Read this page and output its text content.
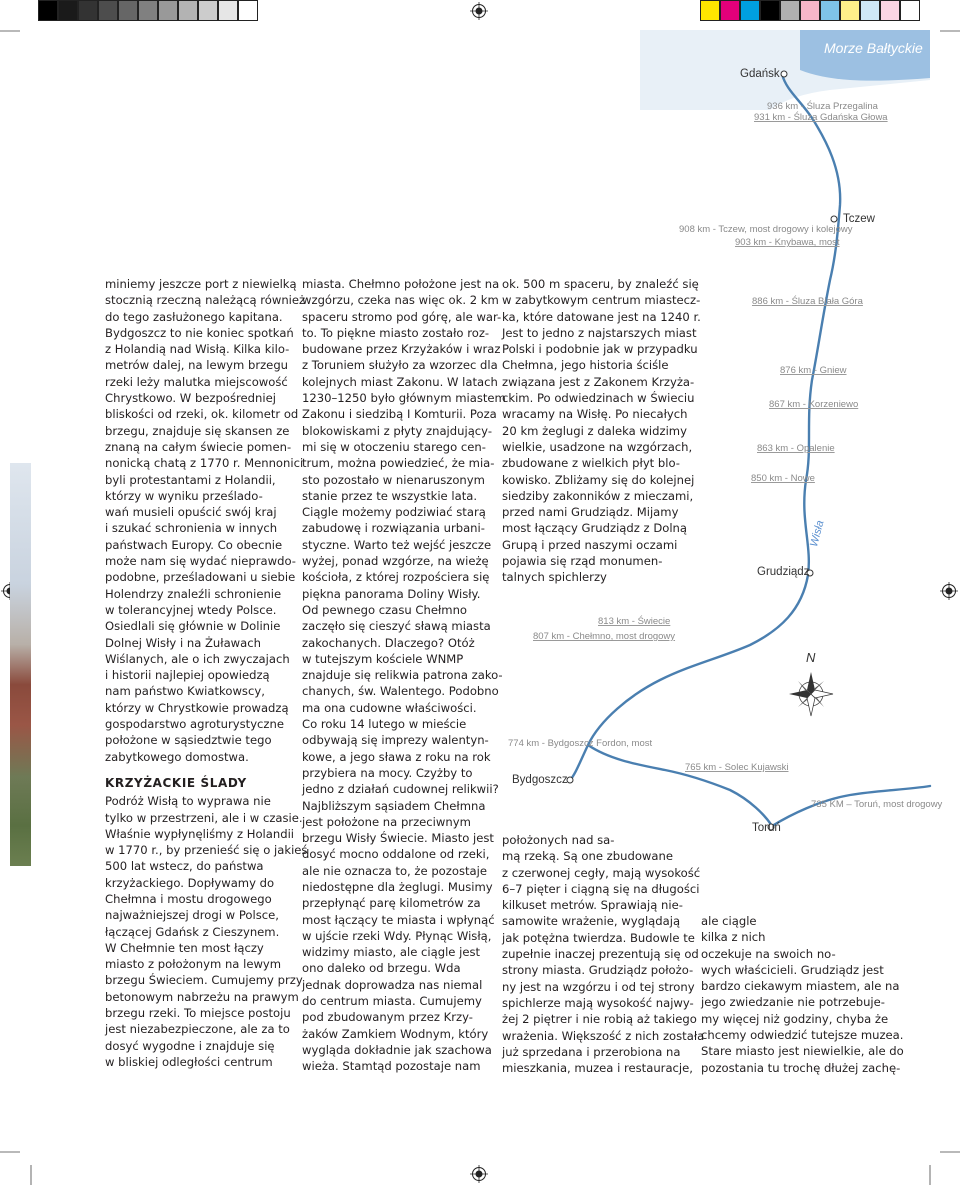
Morze Bałtyckie
Gdańsk
Tczew
Grudziądz
Bydgoszcz
Toruń
Wisła
N
936 km - Śluza Przegalina
931 km - Śluza Gdańska Głowa
908 km - Tczew, most drogowy i kolejowy
903 km - Knybawa, most
886 km - Śluza Biała Góra
876 km - Gniew
867 km - Korzeniewo
863 km - Opalenie
850 km - Nowe
813 km - Świecie
807 km - Chełmno, most drogowy
774 km - Bydgoszcz Fordon, most
765 km - Solec Kujawski
735 KM – Toruń, most drogowy

miniemy jeszcze port z niewielką

stocznią rzeczną należącą również

do tego zasłużonego kapitana.

Bydgoszcz to nie koniec spotkań

z Holandią nad Wisłą. Kilka kilo-

metrów dalej, na lewym brzegu

rzeki leży malutka miejscowość

Chrystkowo. W bezpośredniej

bliskości od rzeki, ok. kilometr od

brzegu, znajduje się skansen ze

znaną na całym świecie pomen-

nonicką chatą z 1770 r. Mennonici

byli protestantami z Holandii,

którzy w wyniku prześlado-

wań musieli opuścić swój kraj

i szukać schronienia w innych

państwach Europy. Co obecnie

może nam się wydać nieprawdo-

podobne, prześladowani u siebie

Holendrzy znaleźli schronienie

w tolerancyjnej wtedy Polsce.

Osiedlali się głównie w Dolinie

Dolnej Wisły i na Żuławach

Wiślanych, ale o ich zwyczajach

i historii najlepiej opowiedzą

nam państwo Kwiatkowscy,

którzy w Chrystkowie prowadzą

gospodarstwo agroturystyczne

położone w sąsiedztwie tego

zabytkowego domostwa.

KRZYŻACKIE ŚLADY

Podróż Wisłą to wyprawa nie

tylko w przestrzeni, ale i w czasie.

Właśnie wypłynęliśmy z Holandii

w 1770 r., by przenieść się o jakieś

500 lat wstecz, do państwa

krzyżackiego. Dopływamy do

Chełmna i mostu drogowego

najważniejszej drogi w Polsce,

łączącej Gdańsk z Cieszynem.

W Chełmnie ten most łączy

miasto z położonym na lewym

brzegu Świeciem. Cumujemy przy

betonowym nabrzeżu na prawym

brzegu rzeki. To miejsce postoju

jest niezabezpieczone, ale za to

dosyć wygodne i znajduje się

w bliskiej odległości centrum

miasta. Chełmno położone jest na

wzgórzu, czeka nas więc ok. 2 km

spaceru stromo pod górę, ale war-

to. To piękne miasto zostało roz-

budowane przez Krzyżaków i wraz

z Toruniem służyło za wzorzec dla

kolejnych miast Zakonu. W latach

1230–1250 było głównym miastem

Zakonu i siedzibą I Komturii. Poza

blokowiskami z płyty znajdujący-

mi się w otoczeniu starego cen-

trum, można powiedzieć, że mia-

sto pozostało w nienaruszonym

stanie przez te wszystkie lata.

Ciągle możemy podziwiać starą

zabudowę i rozwiązania urbani-

styczne. Warto też wejść jeszcze

wyżej, ponad wzgórze, na wieżę

kościoła, z której rozpościera się

piękna panorama Doliny Wisły.

Od pewnego czasu Chełmno

zaczęło się cieszyć sławą miasta

zakochanych. Dlaczego? Otóż

w tutejszym kościele WNMP

znajduje się relikwia patrona zako-

chanych, św. Walentego. Podobno

ma ona cudowne właściwości.

Co roku 14 lutego w mieście

odbywają się imprezy walentyn-

kowe, a jego sława z roku na rok

przybiera na mocy. Czyżby to

jedno z działań cudownej relikwii?

Najbliższym sąsiadem Chełmna

jest położone na przeciwnym

brzegu Wisły Świecie. Miasto jest

dosyć mocno oddalone od rzeki,

ale nie oznacza to, że pozostaje

niedostępne dla żeglugi. Musimy

przepłynąć parę kilometrów za

most łączący te miasta i wpłynąć

w ujście rzeki Wdy. Płynąc Wisłą,

widzimy miasto, ale ciągle jest

ono daleko od brzegu. Wda

jednak doprowadza nas niemal

do centrum miasta. Cumujemy

pod zbudowanym przez Krzy-

żaków Zamkiem Wodnym, który

wygląda dokładnie jak szachowa

wieża. Stamtąd pozostaje nam

ok. 500 m spaceru, by znaleźć się

w zabytkowym centrum miastecz-

ka, które datowane jest na 1240 r.

Jest to jedno z najstarszych miast

Polski i podobnie jak w przypadku

Chełmna, jego historia ściśle

związana jest z Zakonem Krzyża-

ckim. Po odwiedzinach w Świeciu

wracamy na Wisłę. Po niecałych

20 km żeglugi z daleka widzimy

wielkie, usadzone na wzgórzach,

zbudowane z wielkich płyt blo-

kowisko. Zbliżamy się do kolejnej

siedziby zakonników z mieczami,

przed nami Grudziądz. Mijamy

most łączący Grudziądz z Dolną

Grupą i przed naszymi oczami

pojawia się rząd monumen-

talnych spichlerzy

położonych nad sa-

mą rzeką. Są one zbudowane

z czerwonej cegły, mają wysokość

6–7 pięter i ciągną się na długości

kilkuset metrów. Sprawiają nie-

samowite wrażenie, wyglądają

jak potężna twierdza. Budowle te

zupełnie inaczej prezentują się od

strony miasta. Grudziądz położo-

ny jest na wzgórzu i od tej strony

spichlerze mają wysokość najwy-

żej 2 piętrer i nie robią aż takiego

wrażenia. Większość z nich została

już sprzedana i przerobiona na

mieszkania, muzea i restauracje,

ale ciągle

kilka z nich

oczekuje na swoich no-

wych właścicieli. Grudziądz jest

bardzo ciekawym miastem, ale na

jego zwiedzanie nie potrzebuje-

my więcej niż godziny, chyba że

chcemy odwiedzić tutejsze muzea.

Stare miasto jest niewielkie, ale do

pozostania tu trochę dłużej zachę-
